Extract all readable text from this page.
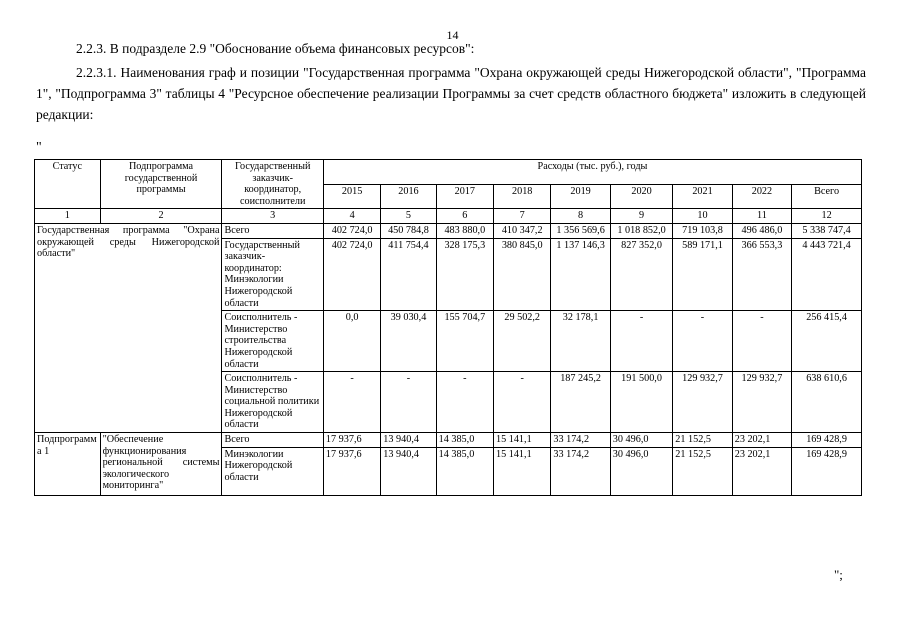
14
2.2.3. В подразделе 2.9 "Обоснование объема финансовых ресурсов":
2.2.3.1. Наименования граф и позиции "Государственная программа "Охрана окружающей среды Нижегородской области", "Программа 1", "Подпрограмма 3" таблицы 4 "Ресурсное обеспечение реализации Программы за счет средств областного бюджета" изложить в следующей редакции:
"
Статус	Подпрограмма государственной программы	Государственный заказчик-координатор, соисполнители	Расходы (тыс. руб.), годы								
			2015	2016	2017	2018	2019	2020	2021	2022	Всего
1	2	3	4	5	6	7	8	9	10	11	12
Государственная программа "Охрана окружающей среды Нижегородской области"		Всего	402 724,0	450 784,8	483 880,0	410 347,2	1 356 569,6	1 018 852,0	719 103,8	496 486,0	5 338 747,4
		Государственный заказчик-координатор: Минэкологии Нижегородской области	402 724,0	411 754,4	328 175,3	380 845,0	1 137 146,3	827 352,0	589 171,1	366 553,3	4 443 721,4
		Соисполнитель - Министерство строительства Нижегородской области	0,0	39 030,4	155 704,7	29 502,2	32 178,1	-	-	-	256 415,4
		Соисполнитель - Министерство социальной политики Нижегородской области	-	-	-	-	187 245,2	191 500,0	129 932,7	129 932,7	638 610,6
Подпрограмма 1	"Обеспечение функционирования региональной системы экологического мониторинга"	Всего	17 937,6	13 940,4	14 385,0	15 141,1	33 174,2	30 496,0	21 152,5	23 202,1	169 428,9
		Минэкологии Нижегородской области	17 937,6	13 940,4	14 385,0	15 141,1	33 174,2	30 496,0	21 152,5	23 202,1	169 428,9
";
